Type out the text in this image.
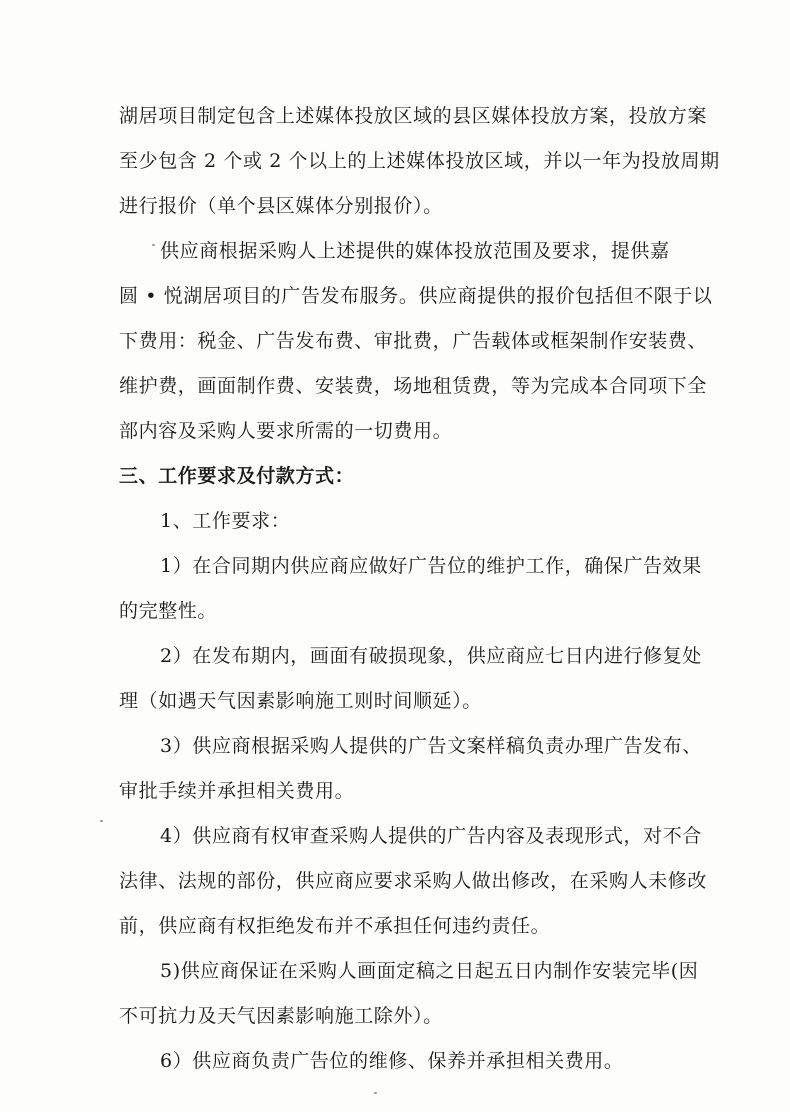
湖居项目制定包含上述媒体投放区域的县区媒体投放方案，投放方案
至少包含 2 个或 2 个以上的上述媒体投放区域，并以一年为投放周期
进行报价（单个县区媒体分别报价）。
供应商根据采购人上述提供的媒体投放范围及要求，提供嘉
圆 • 悦湖居项目的广告发布服务。供应商提供的报价包括但不限于以
下费用：税金、广告发布费、审批费，广告载体或框架制作安装费、
维护费，画面制作费、安装费，场地租赁费，等为完成本合同项下全
部内容及采购人要求所需的一切费用。
三、工作要求及付款方式：
1、工作要求：
1）在合同期内供应商应做好广告位的维护工作，确保广告效果
的完整性。
2）在发布期内，画面有破损现象，供应商应七日内进行修复处
理（如遇天气因素影响施工则时间顺延）。
3）供应商根据采购人提供的广告文案样稿负责办理广告发布、
审批手续并承担相关费用。
4）供应商有权审查采购人提供的广告内容及表现形式，对不合
法律、法规的部份，供应商应要求采购人做出修改，在采购人未修改
前，供应商有权拒绝发布并不承担任何违约责任。
5)供应商保证在采购人画面定稿之日起五日内制作安装完毕(因
不可抗力及天气因素影响施工除外）。
6）供应商负责广告位的维修、保养并承担相关费用。
